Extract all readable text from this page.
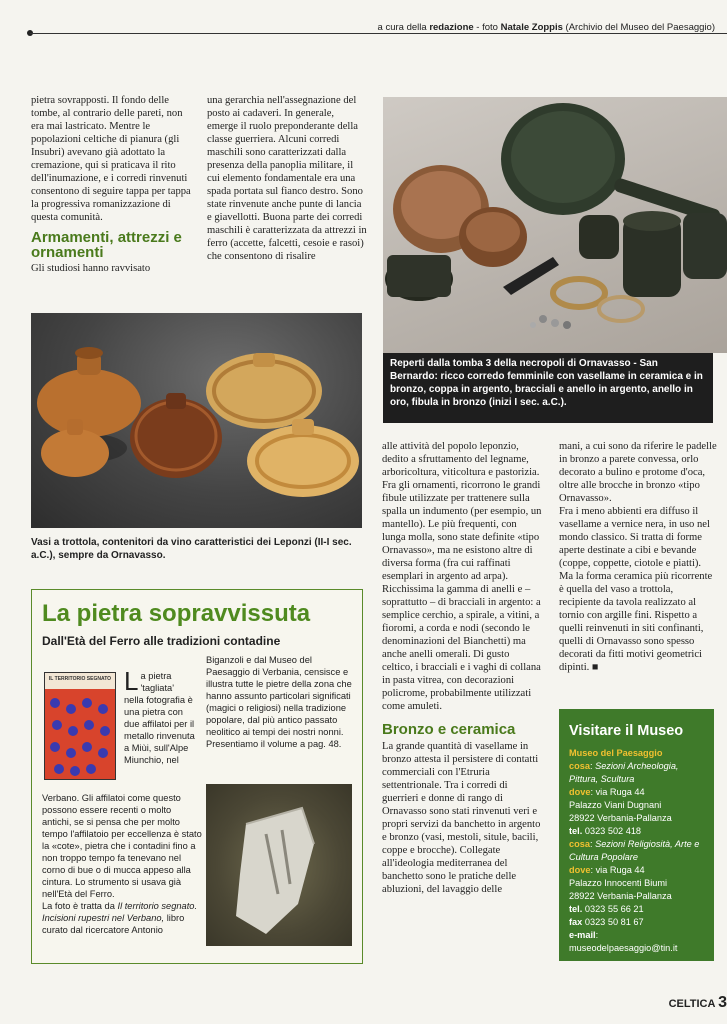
a cura della redazione - foto Natale Zoppis (Archivio del Museo del Paesaggio)

pietra sovrapposti. Il fondo delle tombe, al contrario delle pareti, non era mai lastricato. Mentre le popolazioni celtiche di pianura (gli Insubri) avevano già adottato la cremazione, qui si praticava il rito dell'inumazione, e i corredi rinvenuti consentono di seguire tappa per tappa la progressiva romanizzazione di questa comunità.

Armamenti, attrezzi e ornamenti

Gli studiosi hanno ravvisato

una gerarchia nell'assegnazione del posto ai cadaveri. In generale, emerge il ruolo preponderante della classe guerriera. Alcuni corredi maschili sono caratterizzati dalla presenza della panoplia militare, il cui elemento fondamentale era una spada portata sul fianco destro. Sono state rinvenute anche punte di lancia e giavellotti. Buona parte dei corredi maschili è caratterizzata da attrezzi in ferro (accette, falcetti, cesoie e rasoi) che consentono di risalire

Reperti dalla tomba 3 della necropoli di Ornavasso - San Bernardo: ricco corredo femminile con vasellame in ceramica e in bronzo, coppa in argento, bracciali e anello in argento, anello in oro, fibula in bronzo (inizi I sec. a.C.).

Vasi a trottola, contenitori da vino caratteristici dei Leponzi (II-I sec. a.C.), sempre da Ornavasso.

alle attività del popolo leponzio, dedito a sfruttamento del legname, arboricoltura, viticoltura e pastorizia.

Fra gli ornamenti, ricorrono le grandi fibule utilizzate per trattenere sulla spalla un indumento (per esempio, un mantello). Le più frequenti, con lunga molla, sono state definite «tipo Ornavasso», ma ne esistono altre di diversa forma (fra cui raffinati esemplari in argento ad arpa). Ricchissima la gamma di anelli e – soprattutto – di bracciali in argento: a semplice cerchio, a spirale, a vitini, a fioromi, a corda e nodi (secondo le denominazioni del Bianchetti) ma anche anelli omerali. Di gusto celtico, i bracciali e i vaghi di collana in pasta vitrea, con decorazioni policrome, probabilmente utilizzati come amuleti.

Bronzo e ceramica

La grande quantità di vasellame in bronzo attesta il persistere di contatti commerciali con l'Etruria settentrionale. Tra i corredi di guerrieri e donne di rango di Ornavasso sono stati rinvenuti veri e propri servizi da banchetto in argento e bronzo (vasi, mestoli, situle, bacili, coppe e brocche). Collegate all'ideologia mediterranea del banchetto sono le pratiche delle abluzioni, del lavaggio delle

mani, a cui sono da riferire le padelle in bronzo a parete convessa, orlo decorato a bulino e protome d'oca, oltre alle brocche in bronzo «tipo Ornavasso».

Fra i meno abbienti era diffuso il vasellame a vernice nera, in uso nel mondo classico. Si tratta di forme aperte destinate a cibi e bevande (coppe, coppette, ciotole e piatti). Ma la forma ceramica più ricorrente è quella del vaso a trottola, recipiente da tavola realizzato al tornio con argille fini. Rispetto a quelli reinvenuti in siti confinanti, quelli di Ornavasso sono spesso decorati da fitti motivi geometrici dipinti. ■

La pietra sopravvissuta
Dall'Età del Ferro alle tradizioni contadine
IL TERRITORIO SEGNATO L a pietra 'tagliata' nella fotografia è una pietra con due affilatoi per il metallo rinvenuta a Miùi, sull'Alpe Miunchio, nel

Biganzoli e dal Museo del Paesaggio di Verbania, censisce e illustra tutte le pietre della zona che hanno assunto particolari significati (magici o religiosi) nella tradizione popolare, dal più antico passato neolitico ai tempi dei nostri nonni. Presentiamo il volume a pag. 48.

Verbano. Gli affilatoi come questo possono essere recenti o molto antichi, se si pensa che per molto tempo l'affilatoio per eccellenza è stato la «cote», pietra che i contadini fino a non troppo tempo fa tenevano nel corno di bue o di mucca appeso alla cintura. Lo strumento si usava già nell'Età del Ferro.

La foto è tratta da Il territorio segnato. Incisioni rupestri nel Verbano, libro curato dal ricercatore Antonio

Visitare il Museo
Museo del Paesaggio
cosa: Sezioni Archeologia, Pittura, Scultura
dove: via Ruga 44
Palazzo Viani Dugnani
28922 Verbania-Pallanza
tel. 0323 502 418
cosa: Sezioni Religiosità, Arte e Cultura Popolare
dove: via Ruga 44
Palazzo Innocenti Biumi
28922 Verbania-Pallanza
tel. 0323 55 66 21
fax 0323 50 81 67
e-mail: museodelpaesaggio@tin.it
CELTICA 3
